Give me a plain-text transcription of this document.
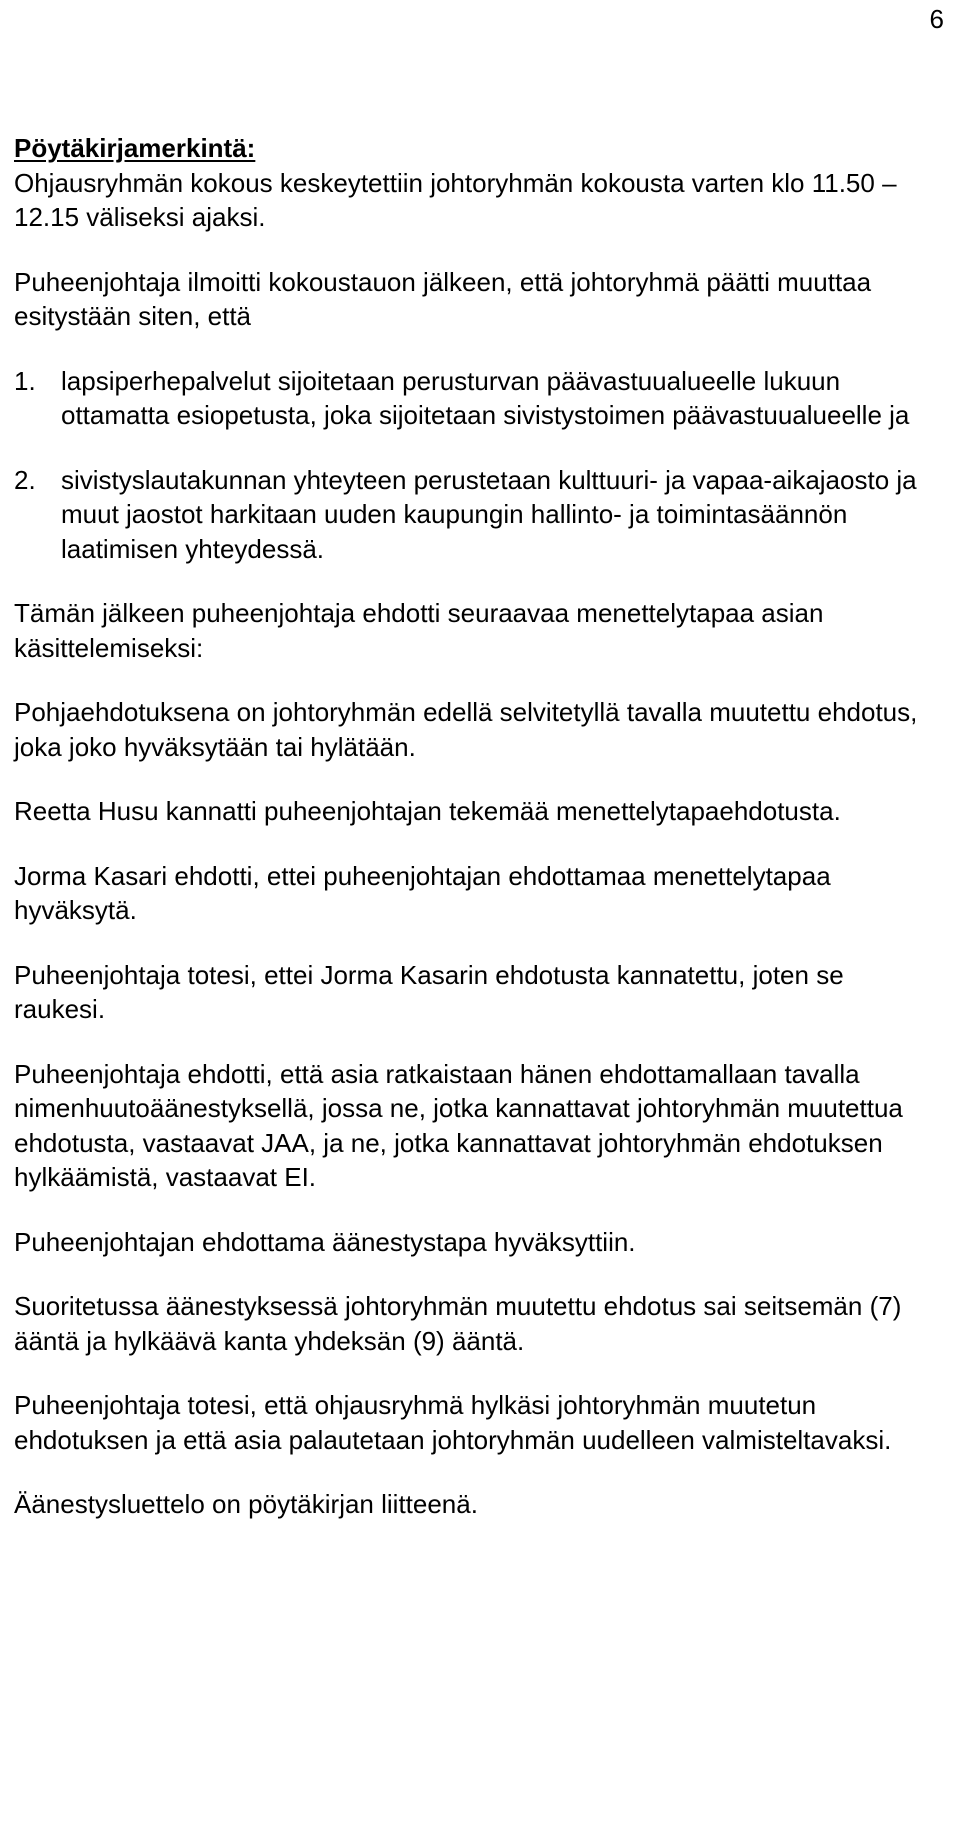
6

Pöytäkirjamerkintä:

Ohjausryhmän kokous keskeytettiin johtoryhmän kokousta varten klo 11.50 – 12.15 väliseksi ajaksi.

Puheenjohtaja ilmoitti kokoustauon jälkeen, että johtoryhmä päätti muuttaa esitystään siten, että

1. lapsiperhepalvelut sijoitetaan perusturvan päävastuualueelle lukuun ottamatta esiopetusta, joka sijoitetaan sivistystoimen päävastuualueelle ja
2. sivistyslautakunnan yhteyteen perustetaan kulttuuri- ja vapaa-aikajaosto ja muut jaostot harkitaan uuden kaupungin hallinto- ja toimintasäännön laatimisen yhteydessä.

Tämän jälkeen puheenjohtaja ehdotti seuraavaa menettelytapaa asian käsittelemiseksi:

Pohjaehdotuksena on johtoryhmän edellä selvitetyllä tavalla muutettu ehdotus, joka joko hyväksytään tai hylätään.

Reetta Husu kannatti puheenjohtajan tekemää menettelytapaehdotusta.

Jorma Kasari ehdotti, ettei puheenjohtajan ehdottamaa menettelytapaa hyväksytä.

Puheenjohtaja totesi, ettei Jorma Kasarin ehdotusta kannatettu, joten se raukesi.

Puheenjohtaja ehdotti, että asia ratkaistaan hänen ehdottamallaan tavalla nimenhuutoäänestyksellä, jossa ne, jotka kannattavat johtoryhmän muutettua ehdotusta, vastaavat JAA, ja ne, jotka kannattavat johtoryhmän ehdotuksen hylkäämistä, vastaavat EI.

Puheenjohtajan ehdottama äänestystapa hyväksyttiin.

Suoritetussa äänestyksessä johtoryhmän muutettu ehdotus sai seitsemän (7) ääntä ja hylkäävä kanta yhdeksän (9) ääntä.

Puheenjohtaja totesi, että ohjausryhmä hylkäsi johtoryhmän muutetun ehdotuksen ja että asia palautetaan johtoryhmän uudelleen valmisteltavaksi.

Äänestysluettelo on pöytäkirjan liitteenä.
